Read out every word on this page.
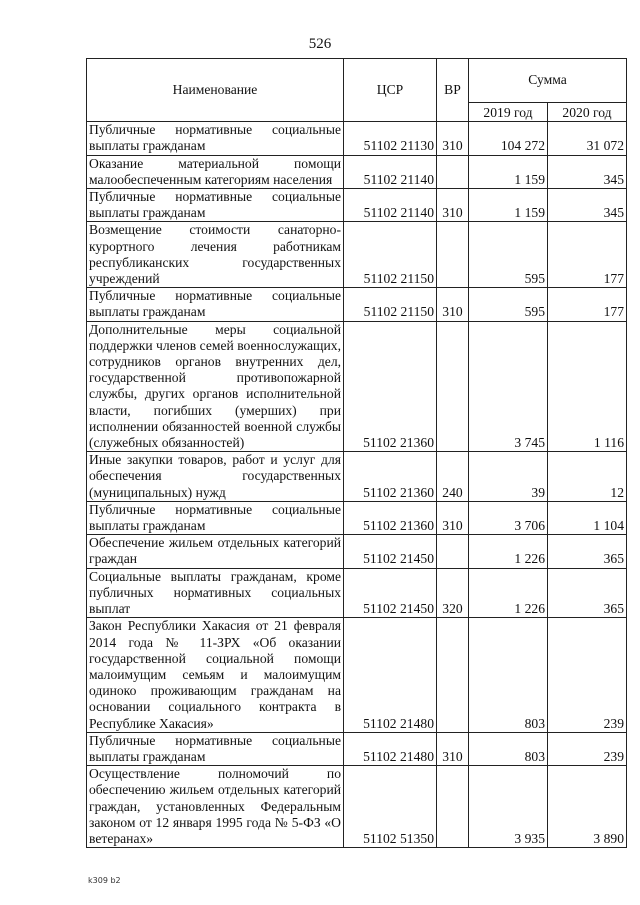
526
Наименование	ЦСР	ВР	Сумма	
			2019 год	2020 год
Публичные нормативные социальные выплаты гражданам	51102 21130	310	104 272	31 072
Оказание материальной помощи малообеспеченным категориям населения	51102 21140		1 159	345
Публичные нормативные социальные выплаты гражданам	51102 21140	310	1 159	345
Возмещение стоимости санаторно-курортного лечения работникам республиканских государственных учреждений	51102 21150		595	177
Публичные нормативные социальные выплаты гражданам	51102 21150	310	595	177
Дополнительные меры социальной поддержки членов семей военнослужащих, сотрудников органов внутренних дел, государственной противопожарной службы, других органов исполнительной власти, погибших (умерших) при исполнении обязанностей военной службы (служебных обязанностей)	51102 21360		3 745	1 116
Иные закупки товаров, работ и услуг для обеспечения государственных (муниципальных) нужд	51102 21360	240	39	12
Публичные нормативные социальные выплаты гражданам	51102 21360	310	3 706	1 104
Обеспечение жильем отдельных категорий граждан	51102 21450		1 226	365
Социальные выплаты гражданам, кроме публичных нормативных социальных выплат	51102 21450	320	1 226	365
Закон Республики Хакасия от 21 февраля 2014 года № 11-ЗРХ «Об оказании государственной социальной помощи малоимущим семьям и малоимущим одиноко проживающим гражданам на основании социального контракта в Республике Хакасия»	51102 21480		803	239
Публичные нормативные социальные выплаты гражданам	51102 21480	310	803	239
Осуществление полномочий по обеспечению жильем отдельных категорий граждан, установленных Федеральным законом от 12 января 1995 года № 5-ФЗ «О ветеранах»	51102 51350		3 935	3 890
k309 b2
